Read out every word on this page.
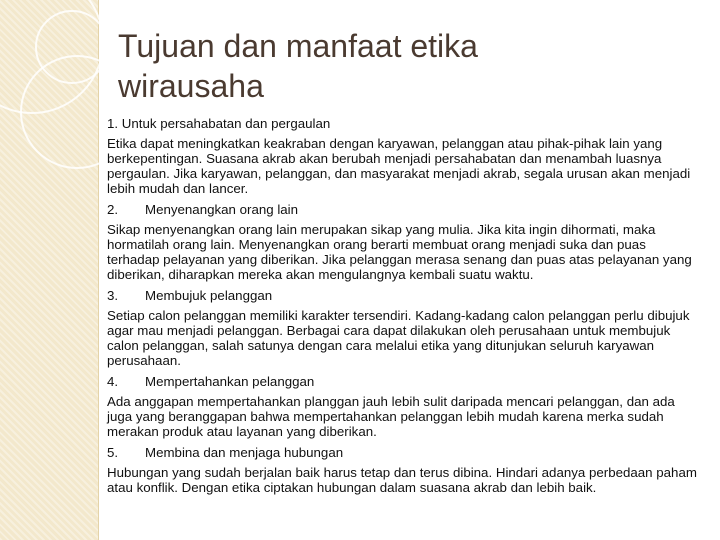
Tujuan dan manfaat etika
wirausaha

1. Untuk persahabatan dan pergaulan

Etika dapat meningkatkan keakraban dengan karyawan, pelanggan atau pihak-pihak lain yang berkepentingan. Suasana akrab akan berubah menjadi persahabatan dan menambah luasnya pergaulan. Jika karyawan, pelanggan, dan masyarakat menjadi akrab, segala urusan akan menjadi lebih mudah dan lancer.

2. Menyenangkan orang lain

Sikap menyenangkan orang lain merupakan sikap yang mulia. Jika kita ingin dihormati, maka hormatilah orang lain. Menyenangkan orang berarti membuat orang menjadi suka dan puas terhadap pelayanan yang diberikan. Jika pelanggan merasa senang dan puas atas pelayanan yang diberikan, diharapkan mereka akan mengulangnya kembali suatu waktu.

3. Membujuk pelanggan

Setiap calon pelanggan memiliki karakter tersendiri. Kadang-kadang calon pelanggan perlu dibujuk agar mau menjadi pelanggan. Berbagai cara dapat dilakukan oleh perusahaan untuk membujuk calon pelanggan, salah satunya dengan cara melalui etika yang ditunjukan seluruh karyawan perusahaan.

4. Mempertahankan pelanggan

Ada anggapan mempertahankan planggan jauh lebih sulit daripada mencari pelanggan, dan ada juga yang beranggapan bahwa mempertahankan pelanggan lebih mudah karena merka sudah merakan produk atau layanan yang diberikan.

5. Membina dan menjaga hubungan

Hubungan yang sudah berjalan baik harus tetap dan terus dibina. Hindari adanya perbedaan paham atau konflik. Dengan etika ciptakan hubungan dalam suasana akrab dan lebih baik.
